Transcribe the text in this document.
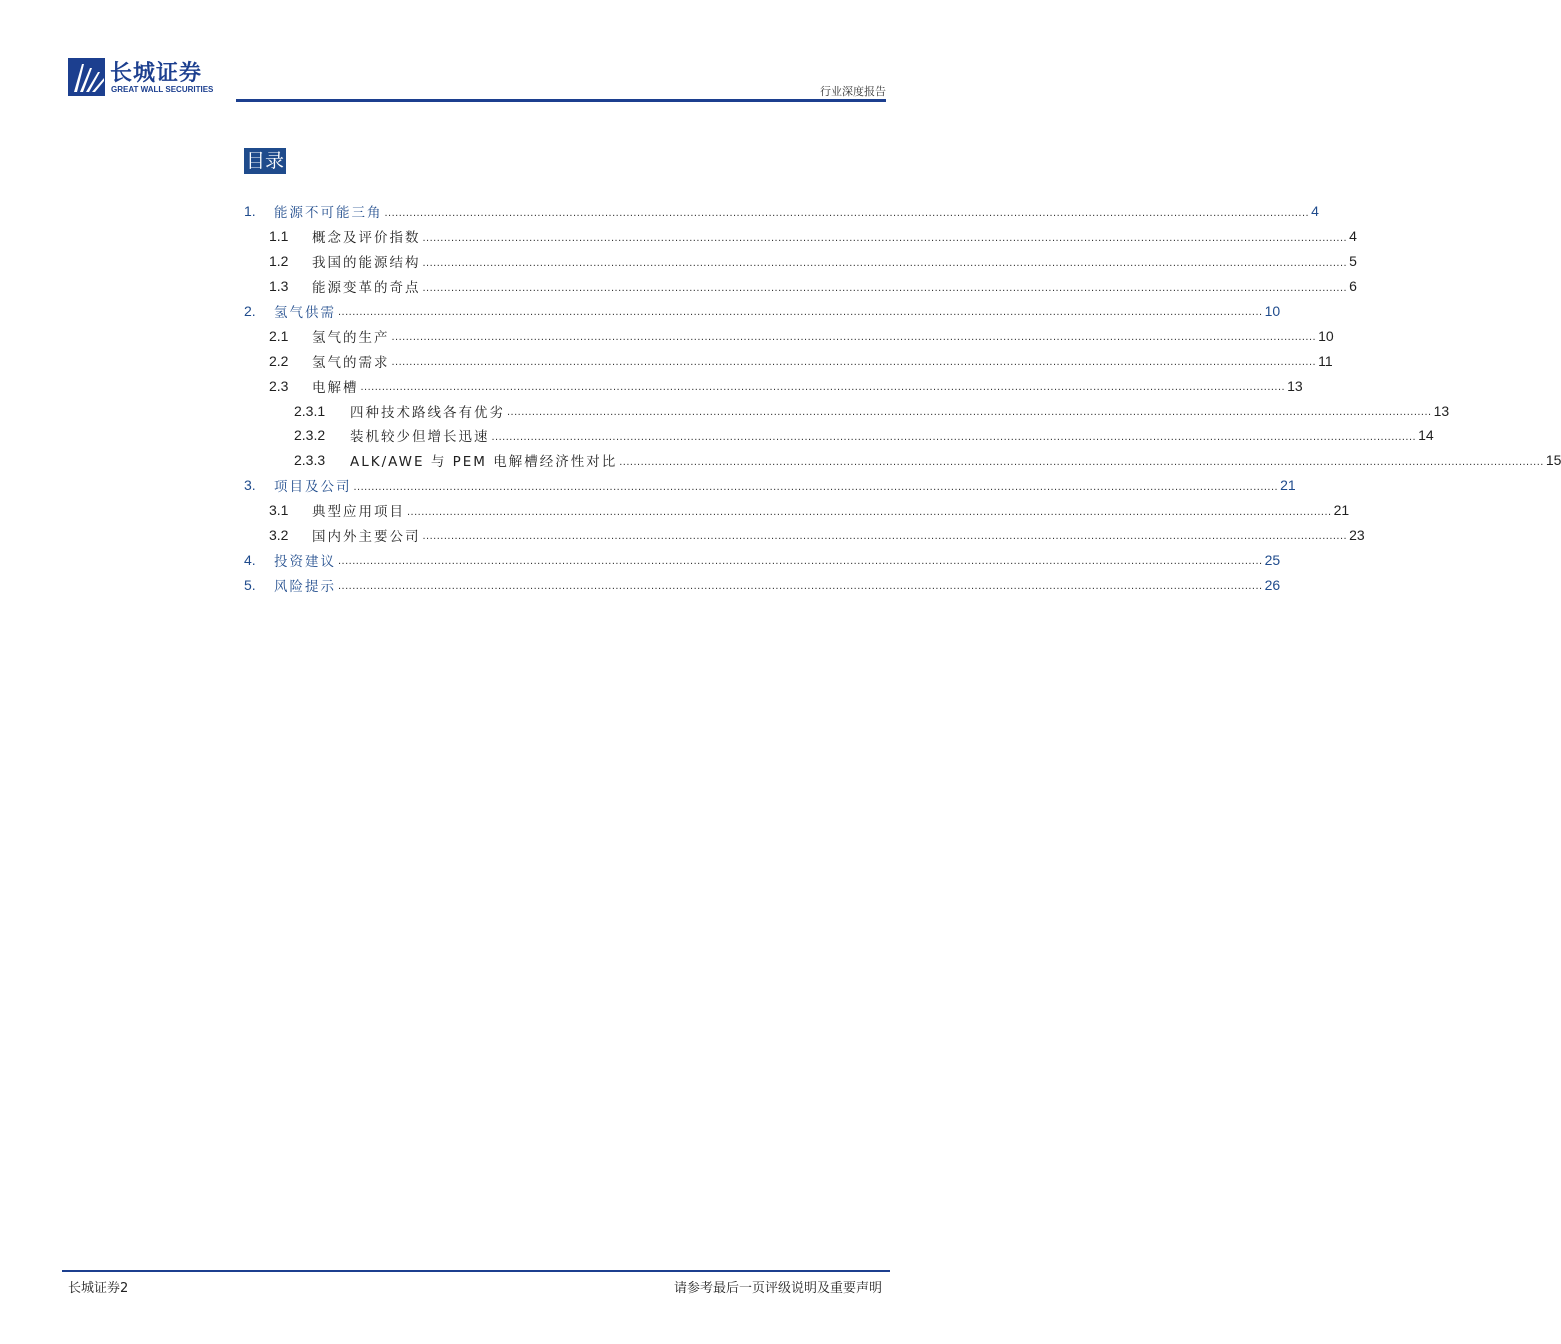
长城证券
GREAT WALL SECURITIES	行业深度报告
目录
1.	能源不可能三角 .................................................................................................................................................................................................................................................................... 4
1.1	概念及评价指数 .................................................................................................................................................................................................................................................................... 4
1.2	我国的能源结构 .................................................................................................................................................................................................................................................................... 5
1.3	能源变革的奇点 .................................................................................................................................................................................................................................................................... 6
2.	氢气供需 .................................................................................................................................................................................................................................................................... 10
2.1	氢气的生产 .................................................................................................................................................................................................................................................................... 10
2.2	氢气的需求 .................................................................................................................................................................................................................................................................... 11
2.3	电解槽 .................................................................................................................................................................................................................................................................... 13
2.3.1	四种技术路线各有优劣 .................................................................................................................................................................................................................................................................... 13
2.3.2	装机较少但增长迅速 .................................................................................................................................................................................................................................................................... 14
2.3.3	ALK/AWE 与 PEM 电解槽经济性对比 .................................................................................................................................................................................................................................................................... 15
3.	项目及公司 .................................................................................................................................................................................................................................................................... 21
3.1	典型应用项目 .................................................................................................................................................................................................................................................................... 21
3.2	国内外主要公司 .................................................................................................................................................................................................................................................................... 23
4.	投资建议 .................................................................................................................................................................................................................................................................... 25
5.	风险提示 .................................................................................................................................................................................................................................................................... 26
长城证券2	请参考最后一页评级说明及重要声明
